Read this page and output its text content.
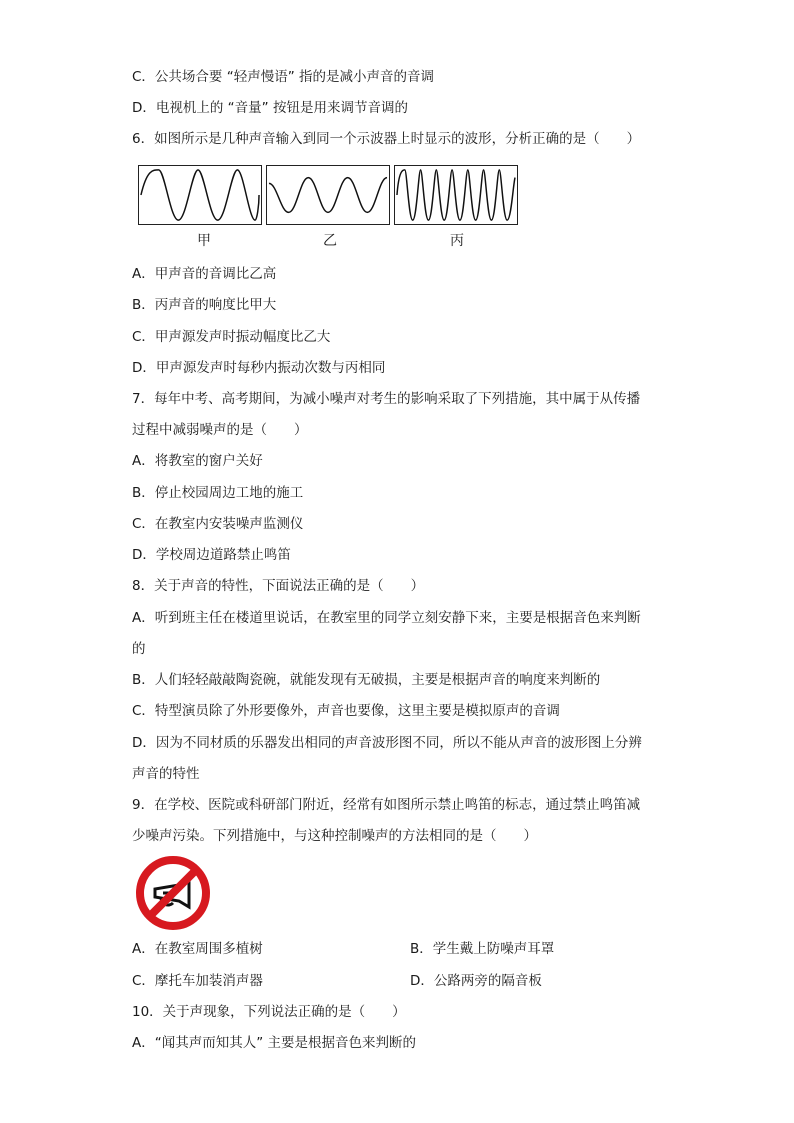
C．公共场合要 “轻声慢语” 指的是减小声音的音调
D．电视机上的 “音量” 按钮是用来调节音调的
6．如图所示是几种声音输入到同一个示波器上时显示的波形，分析正确的是（　　）
甲	乙	丙
A．甲声音的音调比乙高
B．丙声音的响度比甲大
C．甲声源发声时振动幅度比乙大
D．甲声源发声时每秒内振动次数与丙相同
7．每年中考、高考期间，为减小噪声对考生的影响采取了下列措施，其中属于从传播
过程中减弱噪声的是（　　）
A．将教室的窗户关好
B．停止校园周边工地的施工
C．在教室内安装噪声监测仪
D．学校周边道路禁止鸣笛
8．关于声音的特性，下面说法正确的是（　　）
A．听到班主任在楼道里说话，在教室里的同学立刻安静下来，主要是根据音色来判断
的
B．人们轻轻敲敲陶瓷碗，就能发现有无破损，主要是根据声音的响度来判断的
C．特型演员除了外形要像外，声音也要像，这里主要是模拟原声的音调
D．因为不同材质的乐器发出相同的声音波形图不同，所以不能从声音的波形图上分辨
声音的特性
9．在学校、医院或科研部门附近，经常有如图所示禁止鸣笛的标志，通过禁止鸣笛减
少噪声污染。下列措施中，与这种控制噪声的方法相同的是（　　）
A．在教室周围多植树	B．学生戴上防噪声耳罩
C．摩托车加装消声器	D．公路两旁的隔音板
10．关于声现象，下列说法正确的是（　　）
A．“闻其声而知其人” 主要是根据音色来判断的
